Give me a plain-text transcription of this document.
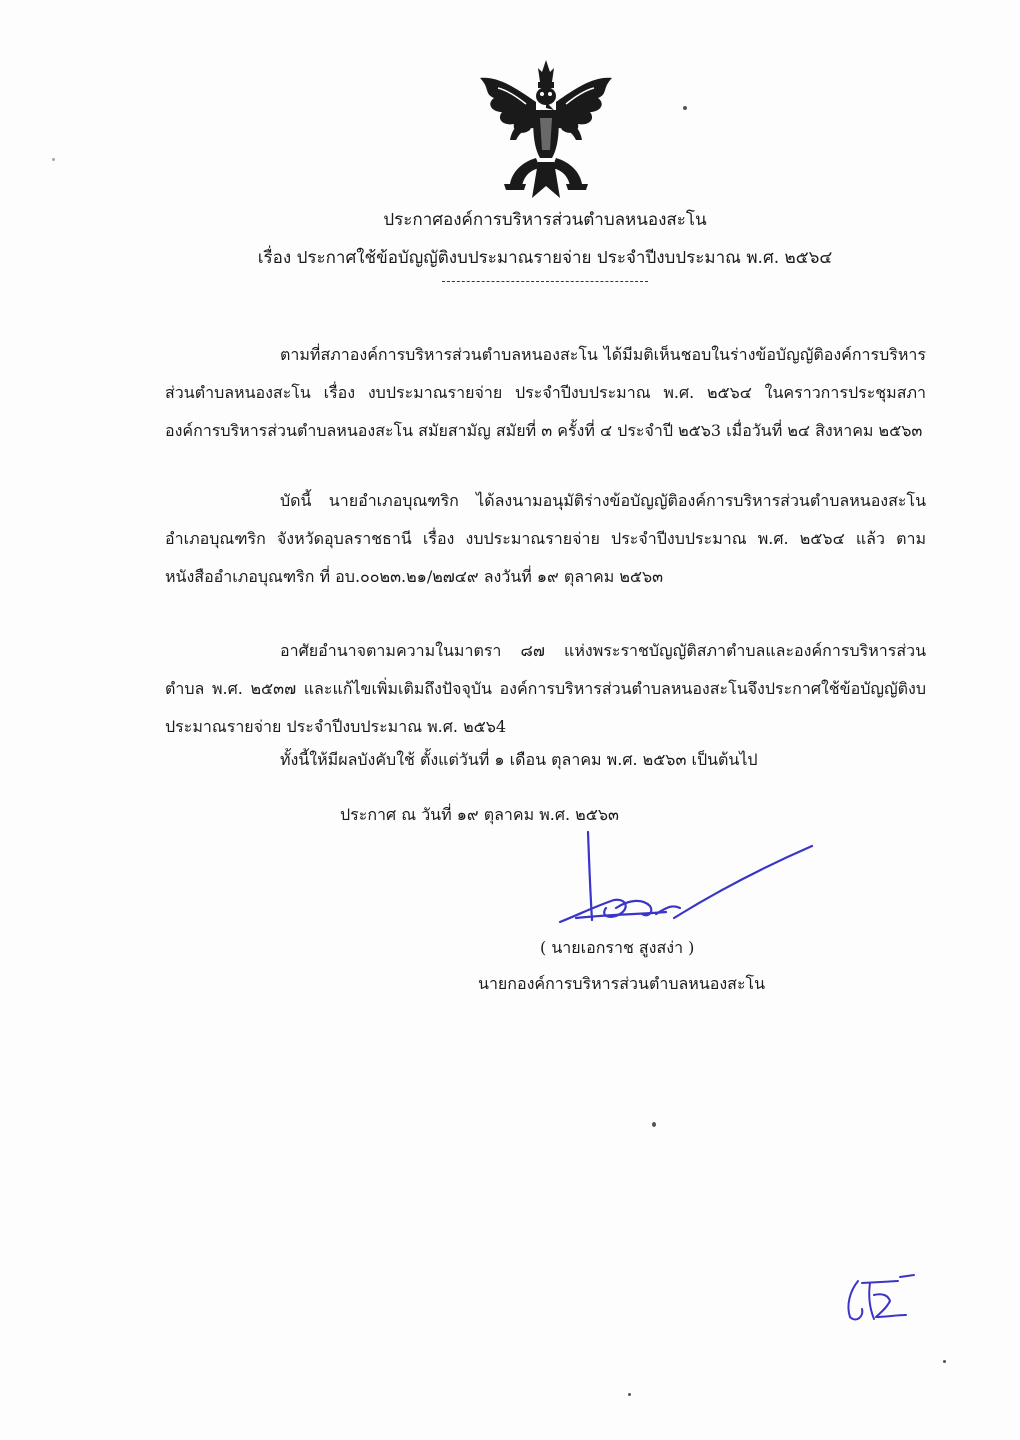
ประกาศองค์การบริหารส่วนตำบลหนองสะโน
เรื่อง ประกาศใช้ข้อบัญญัติงบประมาณรายจ่าย ประจำปีงบประมาณ พ.ศ. ๒๕๖๔
ตามที่สภาองค์การบริหารส่วนตำบลหนองสะโน ได้มีมติเห็นชอบในร่างข้อบัญญัติองค์การบริหารส่วนตำบลหนองสะโน เรื่อง งบประมาณรายจ่าย ประจำปีงบประมาณ พ.ศ. ๒๕๖๔ ในคราวการประชุมสภาองค์การบริหารส่วนตำบลหนองสะโน สมัยสามัญ สมัยที่ ๓ ครั้งที่ ๔ ประจำปี ๒๕๖3 เมื่อวันที่ ๒๔ สิงหาคม ๒๕๖๓
บัดนี้ นายอำเภอบุณฑริก ได้ลงนามอนุมัติร่างข้อบัญญัติองค์การบริหารส่วนตำบลหนองสะโน อำเภอบุณฑริก จังหวัดอุบลราชธานี เรื่อง งบประมาณรายจ่าย ประจำปีงบประมาณ พ.ศ. ๒๕๖๔ แล้ว ตามหนังสืออำเภอบุณฑริก ที่ อบ.๐๐๒๓.๒๑/๒๗๔๙ ลงวันที่ ๑๙ ตุลาคม ๒๕๖๓
อาศัยอำนาจตามความในมาตรา ๘๗ แห่งพระราชบัญญัติสภาตำบลและองค์การบริหารส่วนตำบล พ.ศ. ๒๕๓๗ และแก้ไขเพิ่มเติมถึงปัจจุบัน องค์การบริหารส่วนตำบลหนองสะโนจึงประกาศใช้ข้อบัญญัติงบประมาณรายจ่าย ประจำปีงบประมาณ พ.ศ. ๒๕๖4
ทั้งนี้ให้มีผลบังคับใช้ ตั้งแต่วันที่ ๑ เดือน ตุลาคม พ.ศ. ๒๕๖๓ เป็นต้นไป
ประกาศ ณ วันที่ ๑๙ ตุลาคม พ.ศ. ๒๕๖๓
( นายเอกราช สูงสง่า )
นายกองค์การบริหารส่วนตำบลหนองสะโน
